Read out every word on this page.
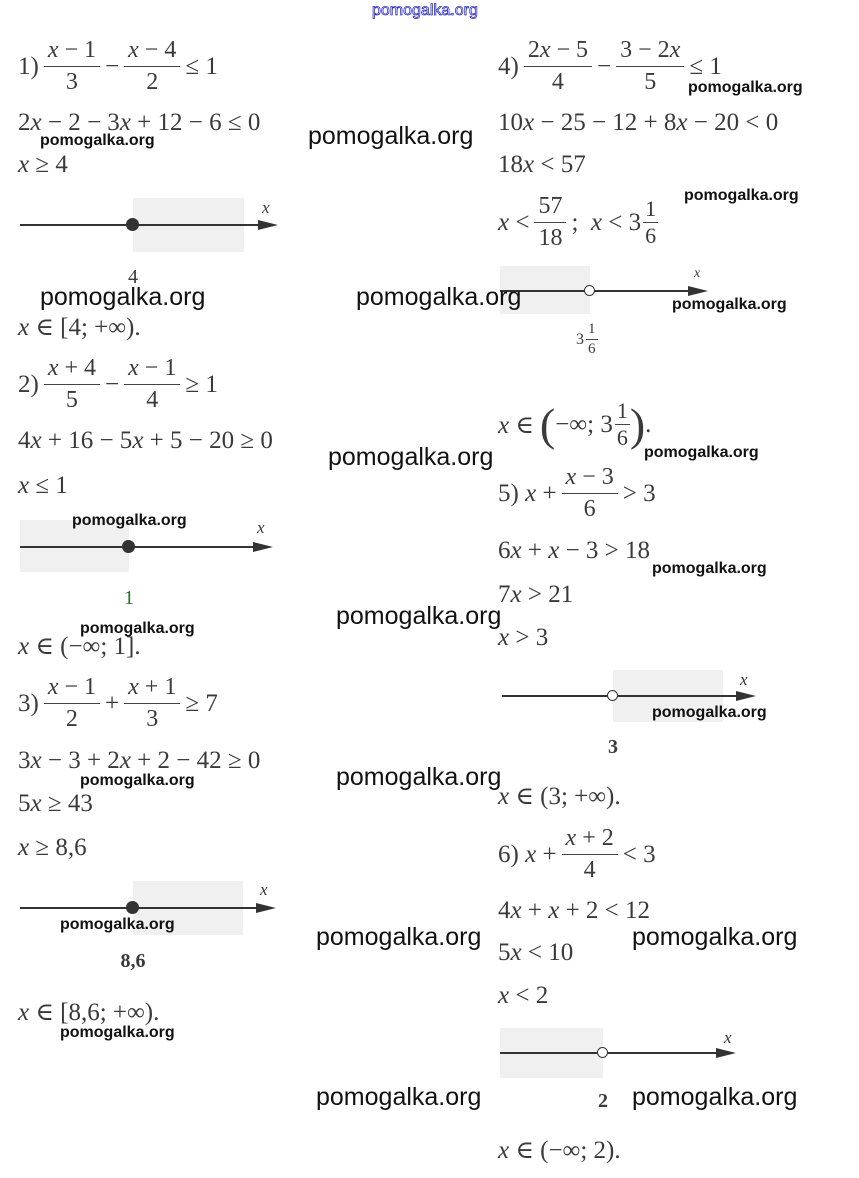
pomogalka.org
$1) \frac{x - 1}{3} - \frac{x - 4}{2} \le 1$
2x − 2 − 3x + 12 − 6 ≤ 0
x ≥ 4
x
4
x ∈ [4; +∞).
$2) \frac{x + 4}{5} - \frac{x - 1}{4} \ge 1$
4x + 16 − 5x + 5 − 20 ≥ 0
x ≤ 1
x
1
x ∈ (−∞; 1].
$3) \frac{x - 1}{2} + \frac{x + 1}{3} \ge 7$
3x − 3 + 2x + 2 − 42 ≥ 0
5x ≥ 43
x ≥ 8,6
x
8,6
x ∈ [8,6; +∞).
$4) \frac{2x - 5}{4} - \frac{3 - 2x}{5} \le 1$
10x − 25 − 12 + 8x − 20 < 0
18x < 57
$x < \frac{57}{18}$ ;  $x < 3 \frac{1}{6}$
x
$3 \frac{1}{6}$
x ∈ ( −∞; $3 \frac{1}{6}$ ) .
5)
$x + \frac{x - 3}{6} > 3$
6x + x − 3 > 18
7x > 21
x > 3
x
3
x ∈ (3; +∞).
6)
$x + \frac{x + 2}{4} < 3$
4x + x + 2 < 12
5x < 10
x < 2
x
2
x ∈ (−∞; 2).
pomogalka.org	pomogalka.org
pomogalka.org
pomogalka.org
pomogalka.org	pomogalka.org	pomogalka.org
pomogalka.org	pomogalka.org
pomogalka.org
pomogalka.org
pomogalka.org
pomogalka.org
pomogalka.org
pomogalka.org
pomogalka.org
pomogalka.org	pomogalka.org	pomogalka.org
pomogalka.org
pomogalka.org	pomogalka.org
